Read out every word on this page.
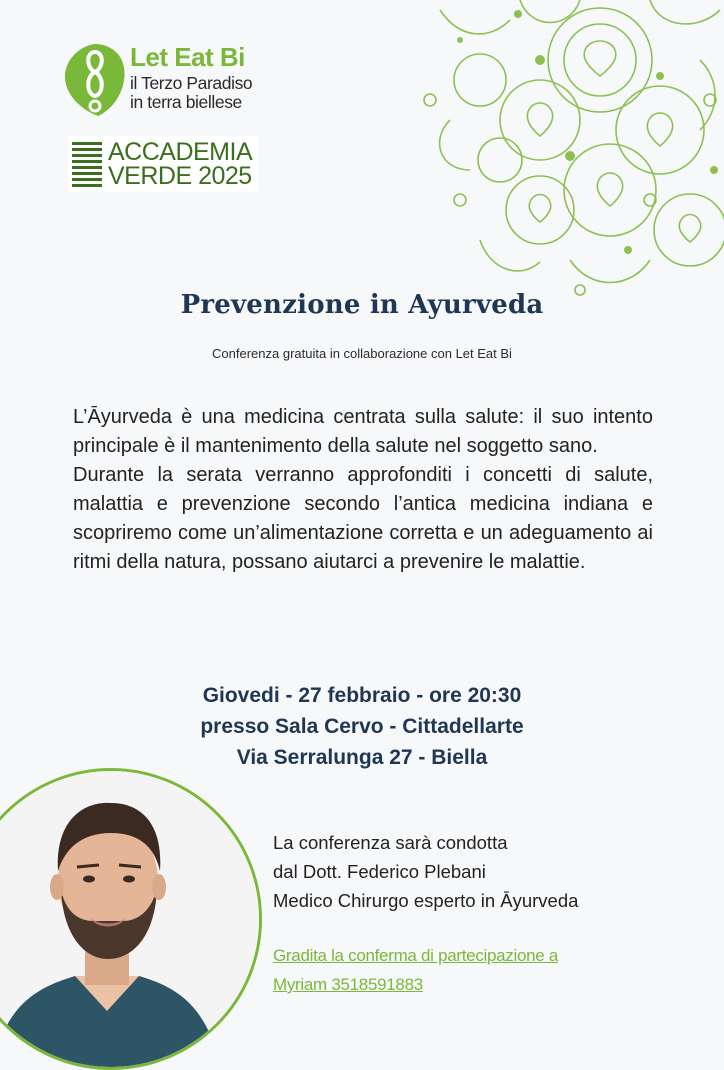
Let Eat Bi
il Terzo Paradiso
in terra biellese
ACCADEMIA
VERDE 2025
Prevenzione in Ayurveda
Conferenza gratuita in collaborazione con Let Eat Bi

L’Āyurveda è una medicina centrata sulla salute: il suo intento principale è il mantenimento della salute nel soggetto sano.

Durante la serata verranno approfonditi i concetti di salute, malattia e prevenzione secondo l’antica medicina indiana e scopriremo come un’alimentazione corretta e un adeguamento ai ritmi della natura, possano aiutarci a prevenire le malattie.

Giovedi - 27 febbraio - ore 20:30
presso Sala Cervo - Cittadellarte
Via Serralunga 27 - Biella
La conferenza sarà condotta
dal Dott. Federico Plebani
Medico Chirurgo esperto in Āyurveda
Gradita la conferma di partecipazione a
Myriam 3518591883
